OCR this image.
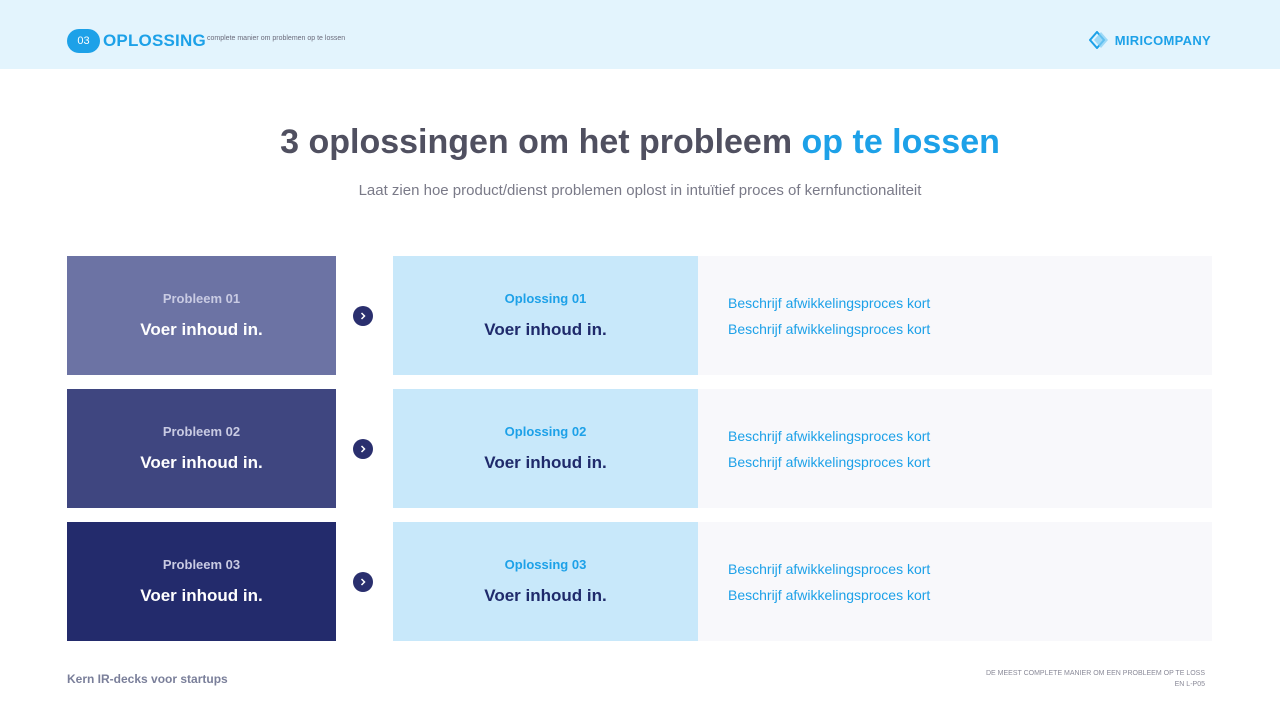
03 OPLOSSING complete manier om problemen op te lossen	MIRICOMPANY
3 oplossingen om het probleem op te lossen
Laat zien hoe product/dienst problemen oplost in intuïtief proces of kernfunctionaliteit
Probleem 01
Voer inhoud in.
Oplossing 01
Voer inhoud in.
Beschrijf afwikkelingsproces kort
Beschrijf afwikkelingsproces kort
Probleem 02
Voer inhoud in.
Oplossing 02
Voer inhoud in.
Beschrijf afwikkelingsproces kort
Beschrijf afwikkelingsproces kort
Probleem 03
Voer inhoud in.
Oplossing 03
Voer inhoud in.
Beschrijf afwikkelingsproces kort
Beschrijf afwikkelingsproces kort
Kern IR-decks voor startups	DE MEEST COMPLETE MANIER OM EEN PROBLEEM OP TE LOSS
EN L-P05
